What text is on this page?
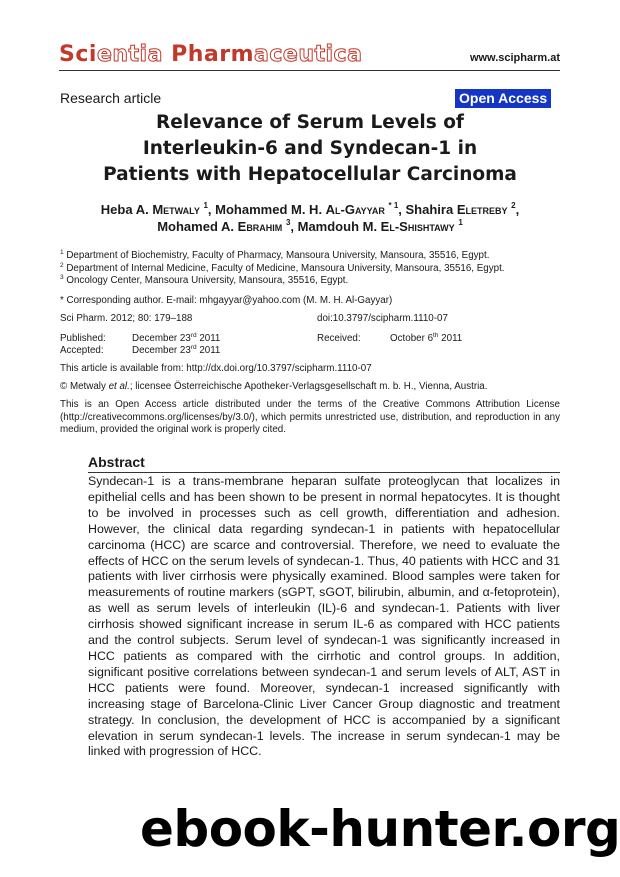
Scientia Pharmaceutica	www.scipharm.at
Research article	Open Access
Relevance of Serum Levels of
Interleukin-6 and Syndecan-1 in
Patients with Hepatocellular Carcinoma
Heba A. Metwaly $^1$, Mohammed M. H. Al-Gayyar $^{* 1}$, Shahira Eletreby $^2$,
Mohamed A. Ebrahim $^3$, Mamdouh M. El-Shishtawy $^1$
$^1$ Department of Biochemistry, Faculty of Pharmacy, Mansoura University, Mansoura, 35516, Egypt.
$^2$ Department of Internal Medicine, Faculty of Medicine, Mansoura University, Mansoura, 35516, Egypt.
$^3$ Oncology Center, Mansoura University, Mansoura, 35516, Egypt.
* Corresponding author. E-mail: mhgayyar@yahoo.com (M. M. H. Al-Gayyar)
Sci Pharm. 2012; 80: 179–188	doi:10.3797/scipharm.1110-07
Published:	December 23rd 2011	Received:	October 6th 2011
Accepted:	December 23rd 2011
This article is available from: http://dx.doi.org/10.3797/scipharm.1110-07
© Metwaly et al.; licensee Österreichische Apotheker-Verlagsgesellschaft m. b. H., Vienna, Austria.
This is an Open Access article distributed under the terms of the Creative Commons Attribution License (http://creativecommons.org/licenses/by/3.0/), which permits unrestricted use, distribution, and reproduction in any medium, provided the original work is properly cited.
Abstract
Syndecan-1 is a trans-membrane heparan sulfate proteoglycan that localizes in epithelial cells and has been shown to be present in normal hepatocytes. It is thought to be involved in processes such as cell growth, differentiation and adhesion. However, the clinical data regarding syndecan-1 in patients with hepatocellular carcinoma (HCC) are scarce and controversial. Therefore, we need to evaluate the effects of HCC on the serum levels of syndecan-1. Thus, 40 patients with HCC and 31 patients with liver cirrhosis were physically examined. Blood samples were taken for measurements of routine markers (sGPT, sGOT, bilirubin, albumin, and α-fetoprotein), as well as serum levels of interleukin (IL)-6 and syndecan-1. Patients with liver cirrhosis showed significant increase in serum IL-6 as compared with HCC patients and the control subjects. Serum level of syndecan-1 was significantly increased in HCC patients as compared with the cirrhotic and control groups. In addition, significant positive correlations between syndecan-1 and serum levels of ALT, AST in HCC patients were found. Moreover, syndecan-1 increased significantly with increasing stage of Barcelona-Clinic Liver Cancer Group diagnostic and treatment strategy. In conclusion, the development of HCC is accompanied by a significant elevation in serum syndecan-1 levels. The increase in serum syndecan-1 may be linked with progression of HCC.
ebook-hunter.org
